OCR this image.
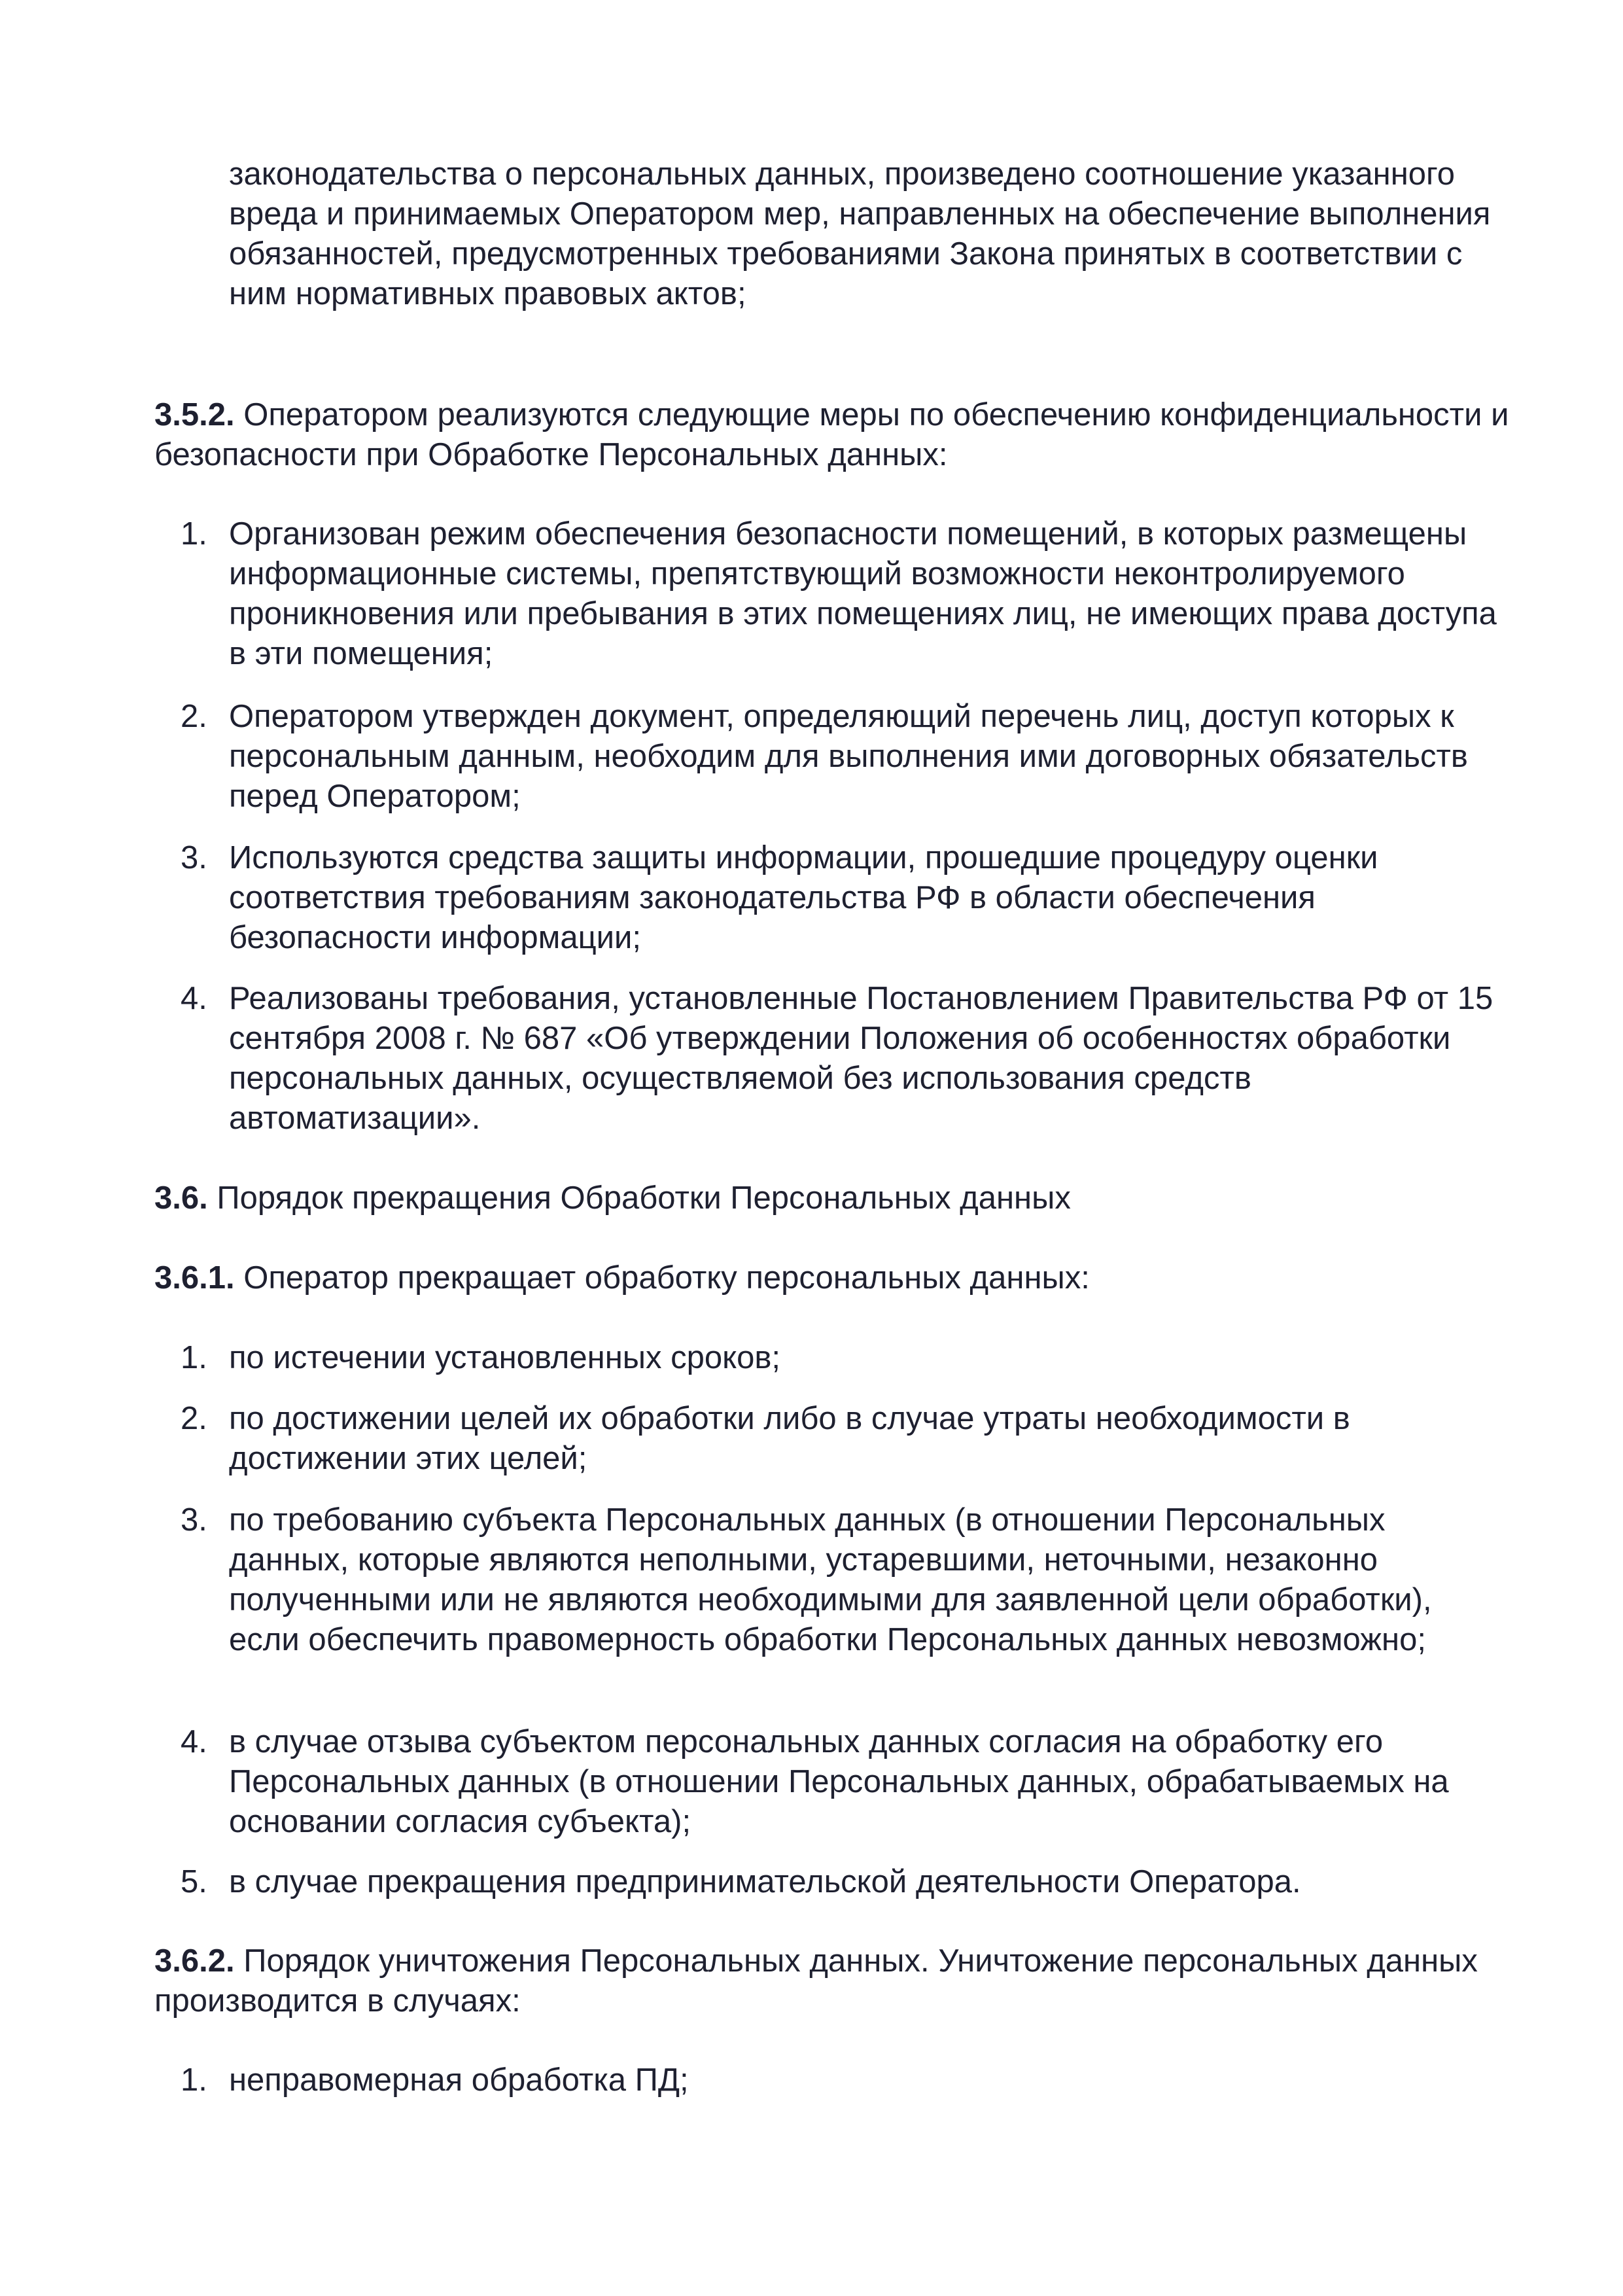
законодательства о персональных данных, произведено соотношение указанного вреда и принимаемых Оператором мер, направленных на обеспечение выполнения обязанностей, предусмотренных требованиями Закона принятых в соответствии с ним нормативных правовых актов;
3.5.2. Оператором реализуются следующие меры по обеспечению конфиденциальности и безопасности при Обработке Персональных данных:
1. Организован режим обеспечения безопасности помещений, в которых размещены информационные системы, препятствующий возможности неконтролируемого проникновения или пребывания в этих помещениях лиц, не имеющих права доступа в эти помещения;
2. Оператором утвержден документ, определяющий перечень лиц, доступ которых к персональным данным, необходим для выполнения ими договорных обязательств перед Оператором;
3. Используются средства защиты информации, прошедшие процедуру оценки соответствия требованиям законодательства РФ в области обеспечения безопасности информации;
4. Реализованы требования, установленные Постановлением Правительства РФ от 15 сентября 2008 г. № 687 «Об утверждении Положения об особенностях обработки персональных данных, осуществляемой без использования средств автоматизации».
3.6. Порядок прекращения Обработки Персональных данных
3.6.1. Оператор прекращает обработку персональных данных:
1. по истечении установленных сроков;
2. по достижении целей их обработки либо в случае утраты необходимости в достижении этих целей;
3. по требованию субъекта Персональных данных (в отношении Персональных данных, которые являются неполными, устаревшими, неточными, незаконно полученными или не являются необходимыми для заявленной цели обработки), если обеспечить правомерность обработки Персональных данных невозможно;
4. в случае отзыва субъектом персональных данных согласия на обработку его Персональных данных (в отношении Персональных данных, обрабатываемых на основании согласия субъекта);
5. в случае прекращения предпринимательской деятельности Оператора.
3.6.2. Порядок уничтожения Персональных данных. Уничтожение персональных данных производится в случаях:
1. неправомерная обработка ПД;
